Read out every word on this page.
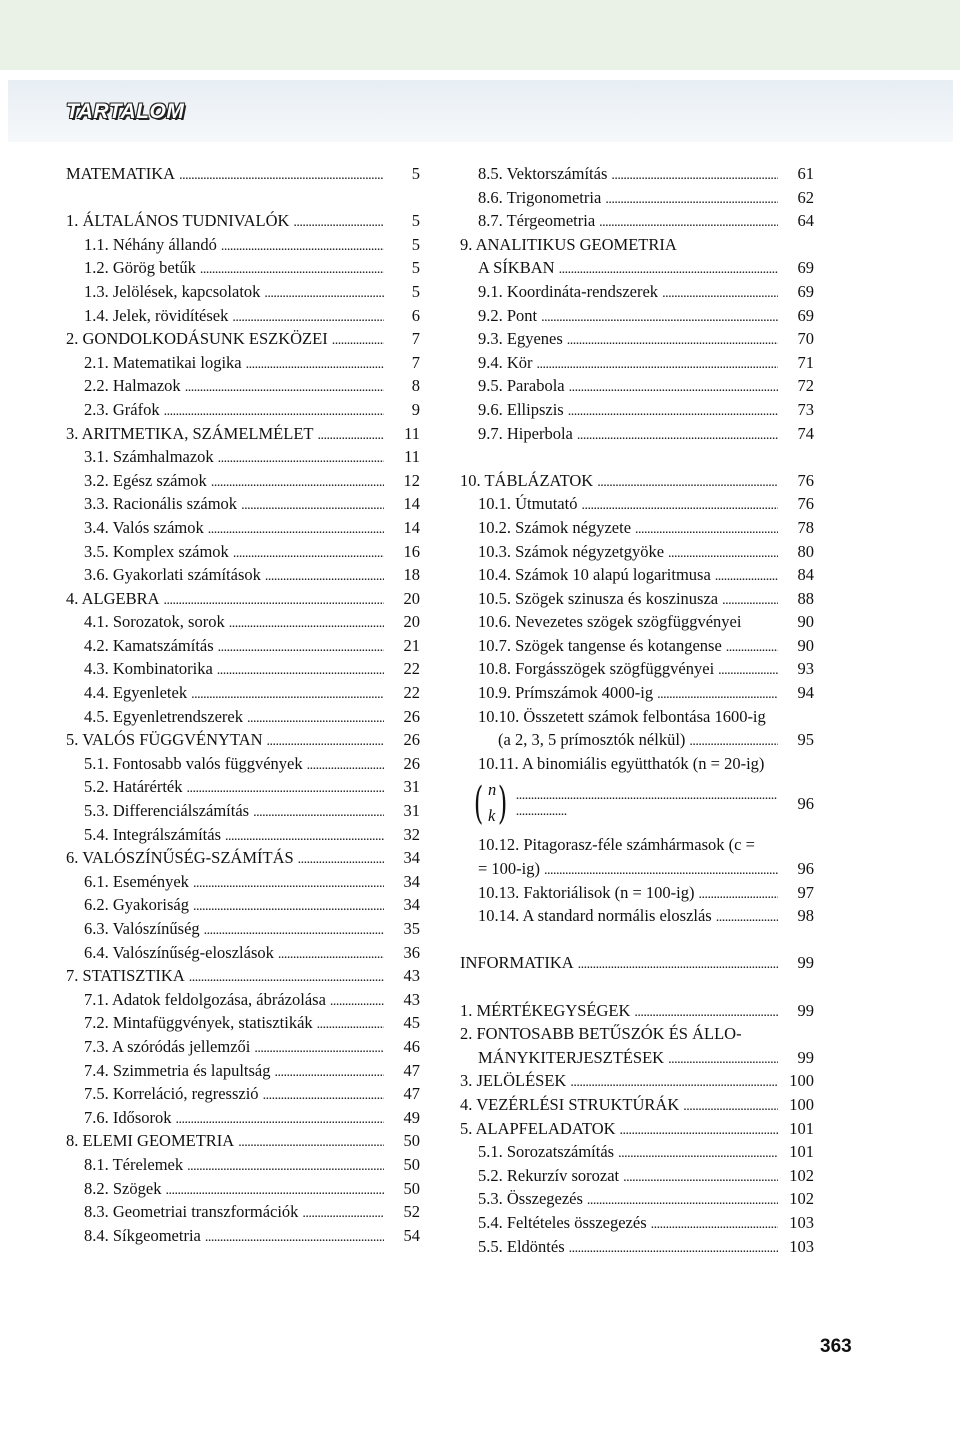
TARTALOM
MATEMATIKA . . .	5
1. ÁLTALÁNOS TUDNIVALÓK . . .	5
1.1. Néhány állandó . . .	5
1.2. Görög betűk . . .	5
1.3. Jelölések, kapcsolatok . . .	5
1.4. Jelek, rövidítések . . .	6
2. GONDOLKODÁSUNK ESZKÖZEI . . .	7
2.1. Matematikai logika . . .	7
2.2. Halmazok . . .	8
2.3. Gráfok . . .	9
3. ARITMETIKA, SZÁMELMÉLET . . .	11
3.1. Számhalmazok . . .	11
3.2. Egész számok . . .	12
3.3. Racionális számok . . .	14
3.4. Valós számok . . .	14
3.5. Komplex számok . . .	16
3.6. Gyakorlati számítások . . .	18
4. ALGEBRA . . .	20
4.1. Sorozatok, sorok . . .	20
4.2. Kamatszámítás . . .	21
4.3. Kombinatorika . . .	22
4.4. Egyenletek . . .	22
4.5. Egyenletrendszerek . . .	26
5. VALÓS FÜGGVÉNYTAN . . .	26
5.1. Fontosabb valós függvények . . .	26
5.2. Határérték . . .	31
5.3. Differenciálszámítás . . .	31
5.4. Integrálszámítás . . .	32
6. VALÓSZÍNŰSÉG-SZÁMÍTÁS . . .	34
6.1. Események . . .	34
6.2. Gyakoriság . . .	34
6.3. Valószínűség . . .	35
6.4. Valószínűség-eloszlások . . .	36
7. STATISZTIKA . . .	43
7.1. Adatok feldolgozása, ábrázolása . . .	43
7.2. Mintafüggvények, statisztikák . . .	45
7.3. A szóródás jellemzői . . .	46
7.4. Szimmetria és lapultság . . .	47
7.5. Korreláció, regresszió . . .	47
7.6. Idősorok . . .	49
8. ELEMI GEOMETRIA . . .	50
8.1. Térelemek . . .	50
8.2. Szögek . . .	50
8.3. Geometriai transzformációk . . .	52
8.4. Síkgeometria . . .	54
8.5. Vektorszámítás . . .	61
8.6. Trigonometria . . .	62
8.7. Térgeometria . . .	64
9. ANALITIKUS GEOMETRIA
A SÍKBAN . . .	69
9.1. Koordináta-rendszerek . . .	69
9.2. Pont . . .	69
9.3. Egyenes . . .	70
9.4. Kör . . .	71
9.5. Parabola . . .	72
9.6. Ellipszis . . .	73
9.7. Hiperbola . . .	74
10. TÁBLÁZATOK . . .	76
10.1. Útmutató . . .	76
10.2. Számok négyzete . . .	78
10.3. Számok négyzetgyöke . . .	80
10.4. Számok 10 alapú logaritmusa . . .	84
10.5. Szögek szinusza és koszinusza . . .	88
10.6. Nevezetes szögek szögfüggvényei	90
10.7. Szögek tangense és kotangense . . .	90
10.8. Forgásszögek szögfüggvényei . . .	93
10.9. Prímszámok 4000-ig . . .	94
10.10. Összetett számok felbontása 1600-ig
(a 2, 3, 5 prímosztók nélkül) . . .	95
10.11. A binomiális együtthatók (n = 20-ig)
( n
k ) . . .	96
10.12. Pitagorasz-féle számhármasok (c =
= 100-ig) . . .	96
10.13. Faktoriálisok (n = 100-ig) . . .	97
10.14. A standard normális eloszlás . . .	98
INFORMATIKA . . .	99
1. MÉRTÉKEGYSÉGEK . . .	99
2. FONTOSABB BETŰSZÓK ÉS ÁLLO-
MÁNYKITERJESZTÉSEK . . .	99
3. JELÖLÉSEK . . .	100
4. VEZÉRLÉSI STRUKTÚRÁK . . .	100
5. ALAPFELADATOK . . .	101
5.1. Sorozatszámítás . . .	101
5.2. Rekurzív sorozat . . .	102
5.3. Összegezés . . .	102
5.4. Feltételes összegezés . . .	103
5.5. Eldöntés . . .	103
363
